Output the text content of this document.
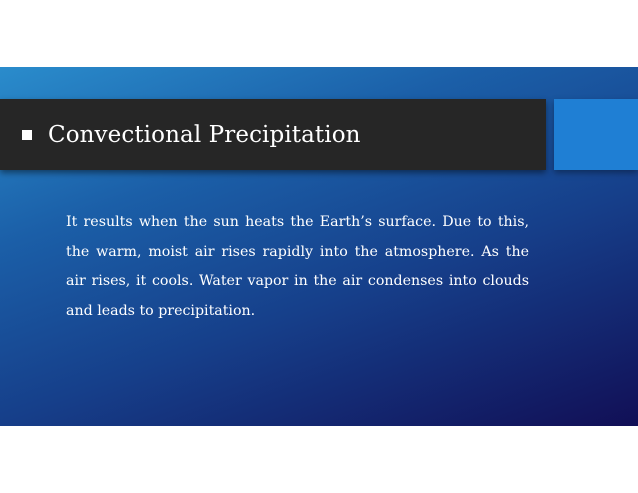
Convectional Precipitation
It results when the sun heats the Earth’s surface. Due to this, the warm, moist air rises rapidly into the atmosphere. As the air rises, it cools. Water vapor in the air condenses into clouds and leads to precipitation.
